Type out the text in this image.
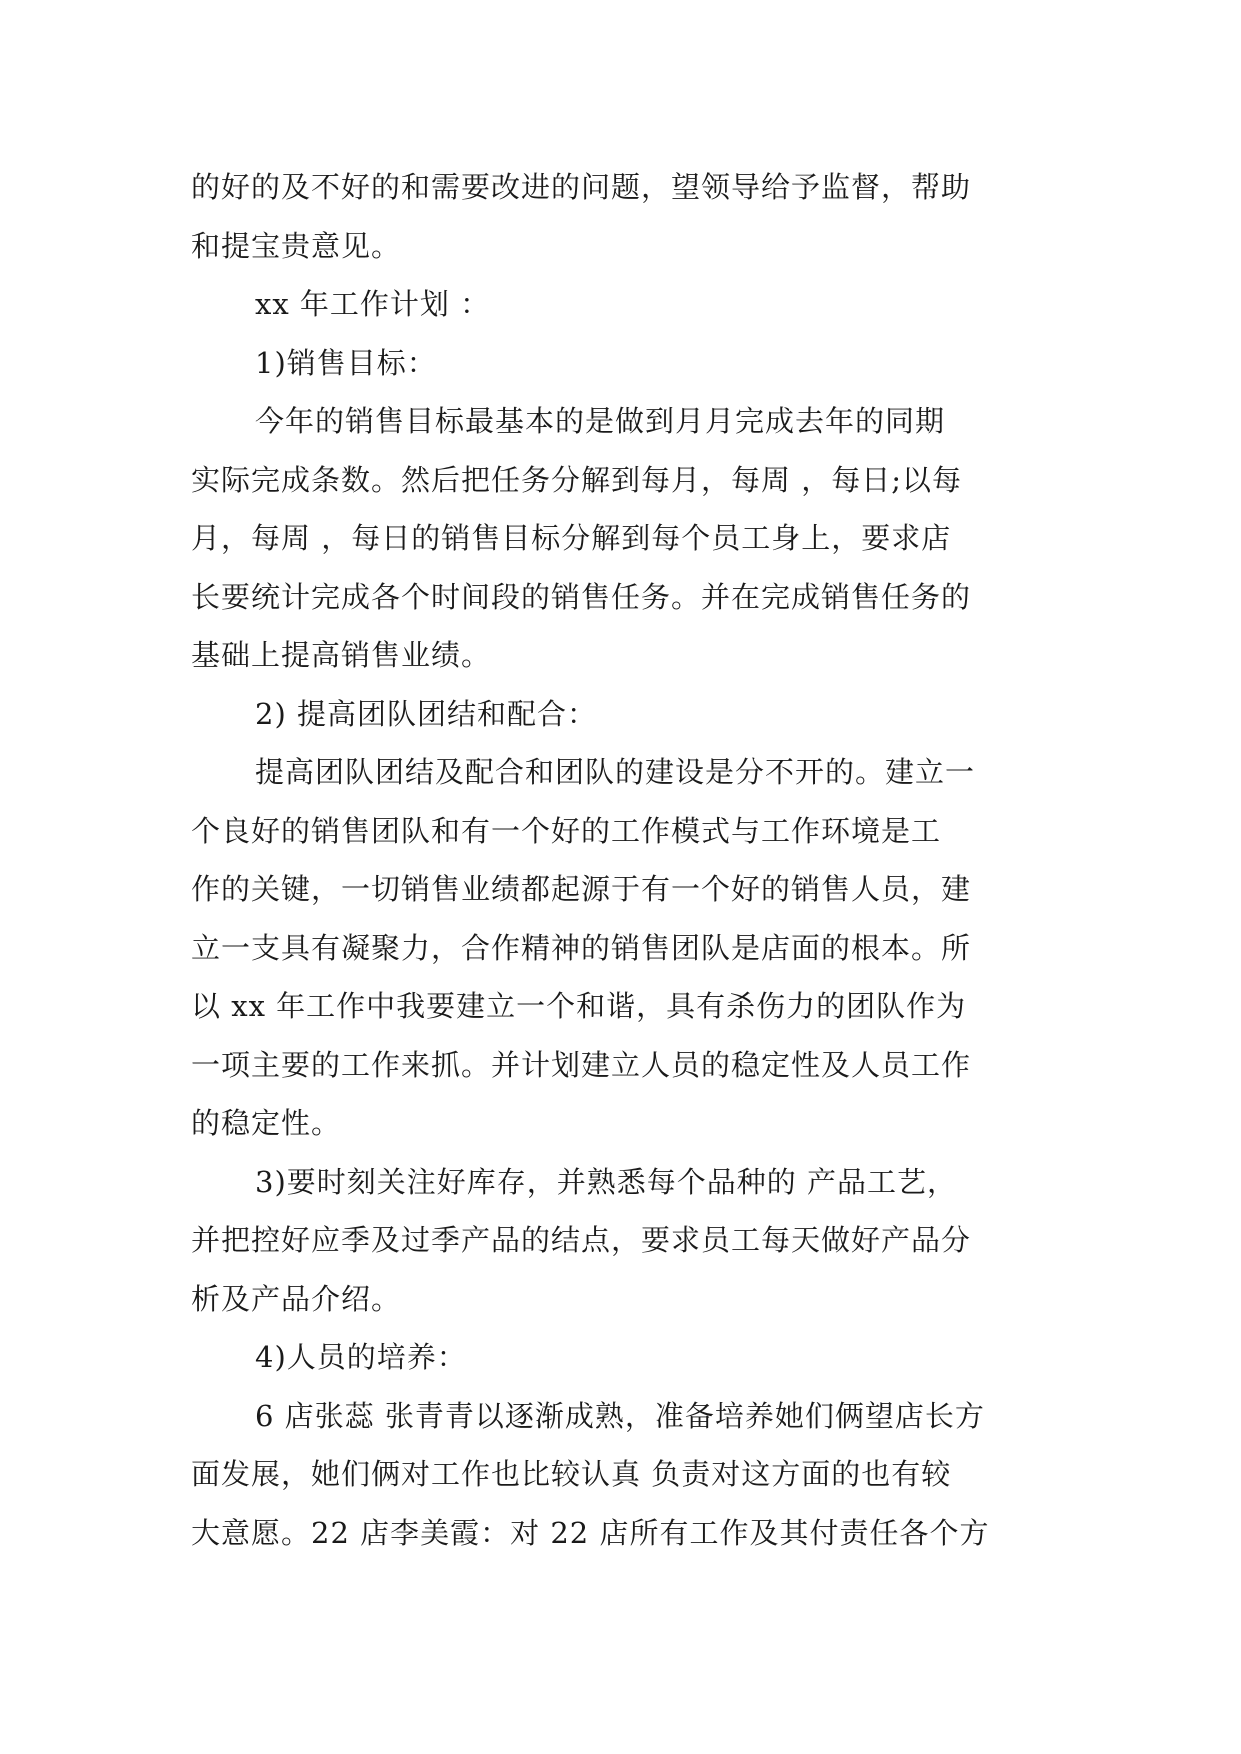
的好的及不好的和需要改进的问题，望领导给予监督，帮助
和提宝贵意见。
xx 年工作计划 ：
1)销售目标：
今年的销售目标最基本的是做到月月完成去年的同期
实际完成条数。然后把任务分解到每月，每周 ，每日;以每
月，每周 ，每日的销售目标分解到每个员工身上，要求店
长要统计完成各个时间段的销售任务。并在完成销售任务的
基础上提高销售业绩。
2) 提高团队团结和配合：
提高团队团结及配合和团队的建设是分不开的。建立一
个良好的销售团队和有一个好的工作模式与工作环境是工
作的关键，一切销售业绩都起源于有一个好的销售人员，建
立一支具有凝聚力，合作精神的销售团队是店面的根本。所
以 xx 年工作中我要建立一个和谐，具有杀伤力的团队作为
一项主要的工作来抓。并计划建立人员的稳定性及人员工作
的稳定性。
3)要时刻关注好库存，并熟悉每个品种的 产品工艺，
并把控好应季及过季产品的结点，要求员工每天做好产品分
析及产品介绍。
4)人员的培养：
6 店张蕊 张青青以逐渐成熟，准备培养她们俩望店长方
面发展，她们俩对工作也比较认真 负责对这方面的也有较
大意愿。22 店李美霞：对 22 店所有工作及其付责任各个方
